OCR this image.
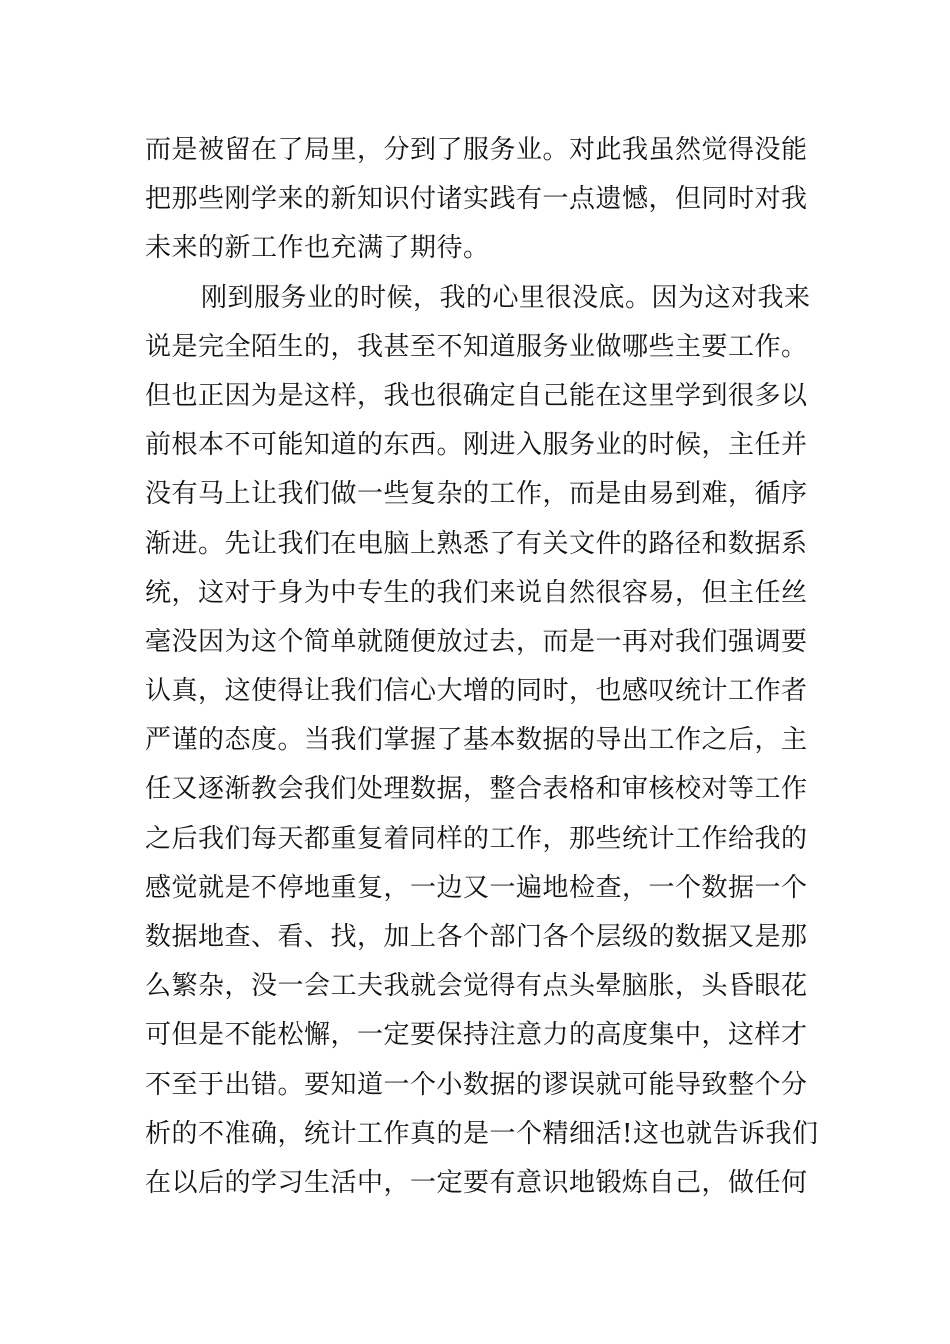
而是被留在了局里，分到了服务业。对此我虽然觉得没能
把那些刚学来的新知识付诸实践有一点遗憾，但同时对我
未来的新工作也充满了期待。
刚到服务业的时候，我的心里很没底。因为这对我来
说是完全陌生的，我甚至不知道服务业做哪些主要工作。
但也正因为是这样，我也很确定自己能在这里学到很多以
前根本不可能知道的东西。刚进入服务业的时候，主任并
没有马上让我们做一些复杂的工作，而是由易到难，循序
渐进。先让我们在电脑上熟悉了有关文件的路径和数据系
统，这对于身为中专生的我们来说自然很容易，但主任丝
毫没因为这个简单就随便放过去，而是一再对我们强调要
认真，这使得让我们信心大增的同时，也感叹统计工作者
严谨的态度。当我们掌握了基本数据的导出工作之后，主
任又逐渐教会我们处理数据，整合表格和审核校对等工作
之后我们每天都重复着同样的工作，那些统计工作给我的
感觉就是不停地重复，一边又一遍地检查，一个数据一个
数据地查、看、找，加上各个部门各个层级的数据又是那
么繁杂，没一会工夫我就会觉得有点头晕脑胀，头昏眼花
可但是不能松懈，一定要保持注意力的高度集中，这样才
不至于出错。要知道一个小数据的谬误就可能导致整个分
析的不准确，统计工作真的是一个精细活!这也就告诉我们
在以后的学习生活中，一定要有意识地锻炼自己，做任何
